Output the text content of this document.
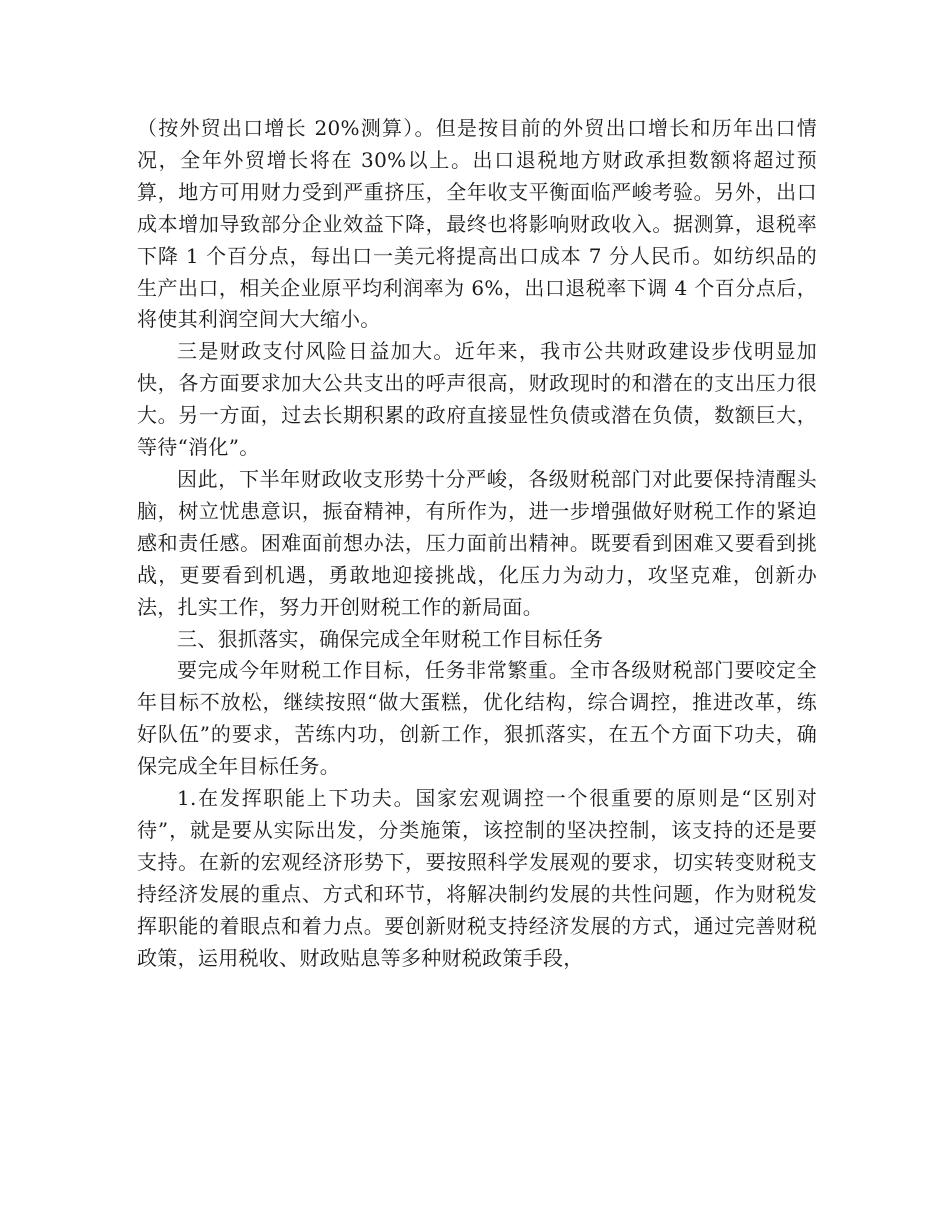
（按外贸出口增长 20%测算）。但是按目前的外贸出口增长和历年出口情况，全年外贸增长将在 30%以上。出口退税地方财政承担数额将超过预算，地方可用财力受到严重挤压，全年收支平衡面临严峻考验。另外，出口成本增加导致部分企业效益下降，最终也将影响财政收入。据测算，退税率下降 1 个百分点，每出口一美元将提高出口成本 7 分人民币。如纺织品的生产出口，相关企业原平均利润率为 6%，出口退税率下调 4 个百分点后，将使其利润空间大大缩小。

三是财政支付风险日益加大。近年来，我市公共财政建设步伐明显加快，各方面要求加大公共支出的呼声很高，财政现时的和潜在的支出压力很大。另一方面，过去长期积累的政府直接显性负债或潜在负债，数额巨大，等待“消化”。

因此，下半年财政收支形势十分严峻，各级财税部门对此要保持清醒头脑，树立忧患意识，振奋精神，有所作为，进一步增强做好财税工作的紧迫感和责任感。困难面前想办法，压力面前出精神。既要看到困难又要看到挑战，更要看到机遇，勇敢地迎接挑战，化压力为动力，攻坚克难，创新办法，扎实工作，努力开创财税工作的新局面。

三、狠抓落实，确保完成全年财税工作目标任务

要完成今年财税工作目标，任务非常繁重。全市各级财税部门要咬定全年目标不放松，继续按照“做大蛋糕，优化结构，综合调控，推进改革，练好队伍”的要求，苦练内功，创新工作，狠抓落实，在五个方面下功夫，确保完成全年目标任务。

1.在发挥职能上下功夫。国家宏观调控一个很重要的原则是“区别对待”，就是要从实际出发，分类施策，该控制的坚决控制，该支持的还是要支持。在新的宏观经济形势下，要按照科学发展观的要求，切实转变财税支持经济发展的重点、方式和环节，将解决制约发展的共性问题，作为财税发挥职能的着眼点和着力点。要创新财税支持经济发展的方式，通过完善财税政策，运用税收、财政贴息等多种财税政策手段，
